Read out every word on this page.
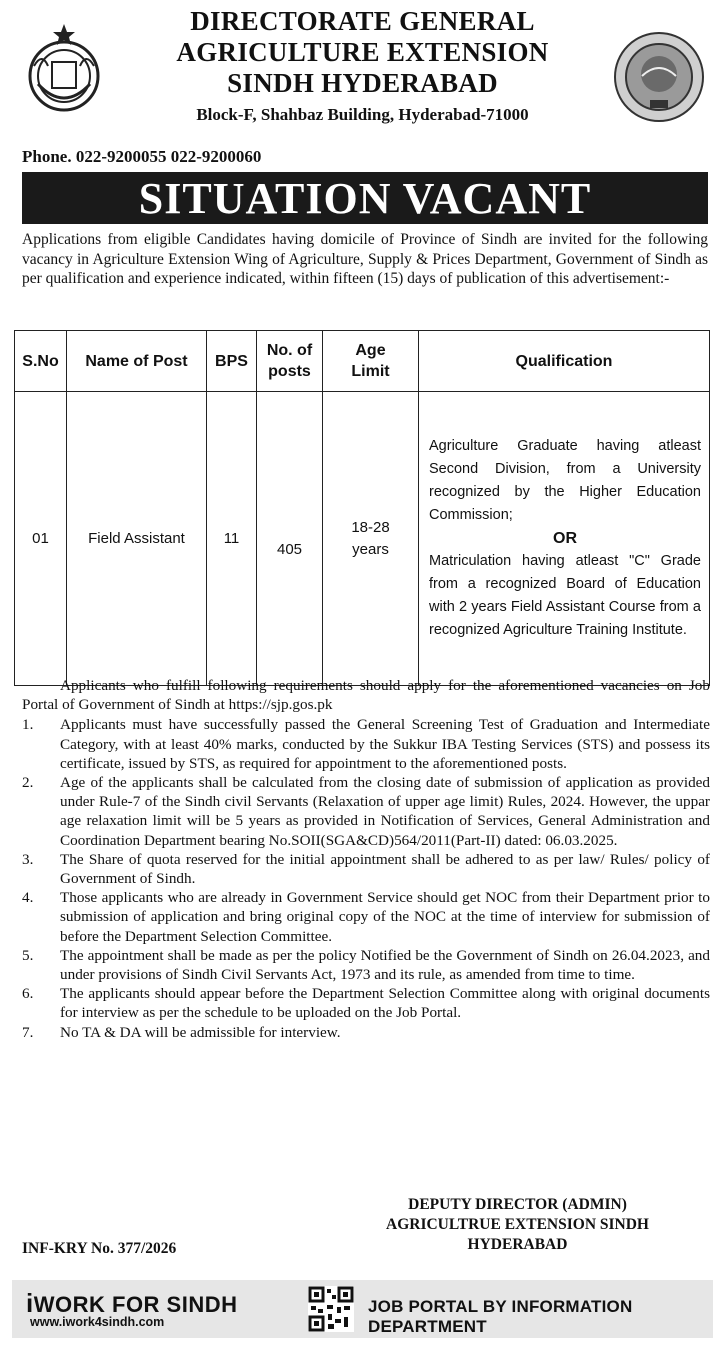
DIRECTORATE GENERAL
AGRICULTURE EXTENSION
SINDH HYDERABAD
Block-F, Shahbaz Building, Hyderabad-71000
Phone. 022-9200055 022-9200060
SITUATION VACANT
Applications from eligible Candidates having domicile of Province of Sindh are invited for the following vacancy in Agriculture Extension Wing of Agriculture, Supply & Prices Department, Government of Sindh as per qualification and experience indicated, within fifteen (15) days of publication of this advertisement:-
S.No	Name of Post	BPS	No. of posts	Age Limit	Qualification
01	Field Assistant	11	405	18-28 years	Agriculture Graduate having atleast Second Division, from a University recognized by the Higher Education Commission;
OR
Matriculation having atleast "C" Grade from a recognized Board of Education with 2 years Field Assistant Course from a recognized Agriculture Training Institute.

Applicants who fulfill following requirements should apply for the aforementioned vacancies on Job Portal of Government of Sindh at https://sjp.gos.pk

1.	Applicants must have successfully passed the General Screening Test of Graduation and Intermediate Category, with at least 40% marks, conducted by the Sukkur IBA Testing Services (STS) and possess its certificate, issued by STS, as required for appointment to the aforementioned posts.
2.	Age of the applicants shall be calculated from the closing date of submission of application as provided under Rule-7 of the Sindh civil Servants (Relaxation of upper age limit) Rules, 2024. However, the uppar age relaxation limit will be 5 years as provided in Notification of Services, General Administration and Coordination Department bearing No.SOII(SGA&CD)564/2011(Part-II) dated: 06.03.2025.
3.	The Share of quota reserved for the initial appointment shall be adhered to as per law/ Rules/ policy of Government of Sindh.
4.	Those applicants who are already in Government Service should get NOC from their Department prior to submission of application and bring original copy of the NOC at the time of interview for submission of before the Department Selection Committee.
5.	The appointment shall be made as per the policy Notified be the Government of Sindh on 26.04.2023, and under provisions of Sindh Civil Servants Act, 1973 and its rule, as amended from time to time.
6.	The applicants should appear before the Department Selection Committee along with original documents for interview as per the schedule to be uploaded on the Job Portal.
7.	No TA & DA will be admissible for interview.
DEPUTY DIRECTOR (ADMIN)
AGRICULTRUE EXTENSION SINDH
HYDERABAD
INF-KRY No. 377/2026
iWORK FOR SINDH
www.iwork4sindh.com
JOB PORTAL BY INFORMATION DEPARTMENT
